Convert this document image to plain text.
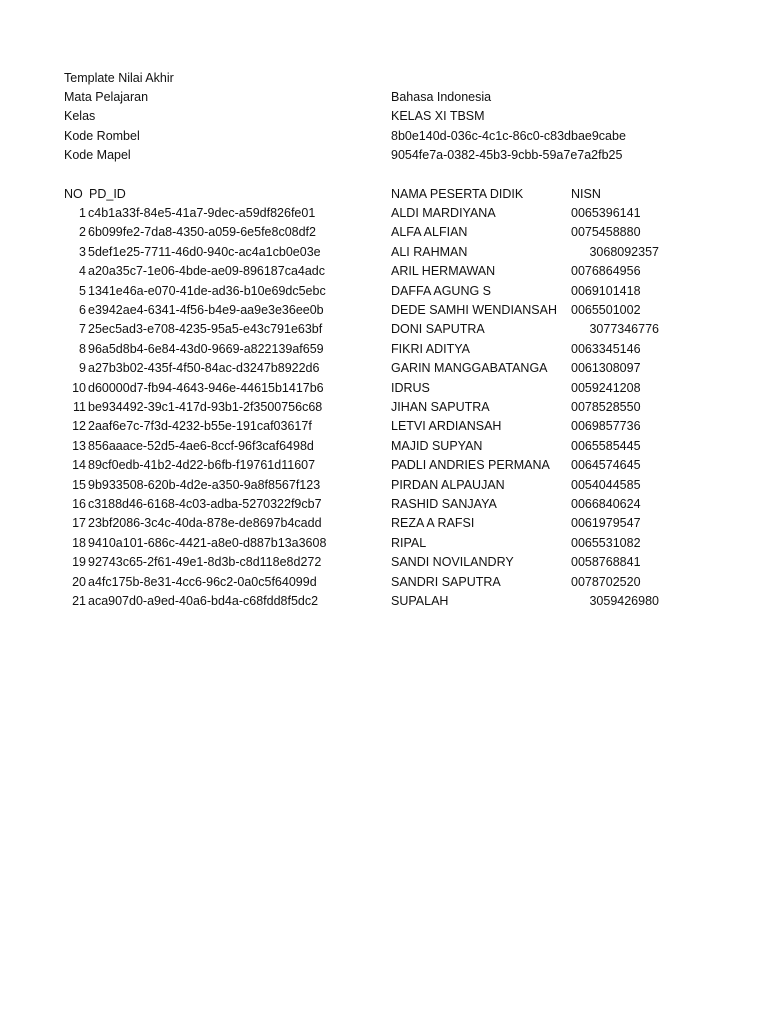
Template Nilai Akhir
Mata Pelajaran	Bahasa Indonesia
Kelas	KELAS XI TBSM
Kode Rombel	8b0e140d-036c-4c1c-86c0-c83dbae9cabe
Kode Mapel	9054fe7a-0382-45b3-9cbb-59a7e7a2fb25
NO PD_ID	NAMA PESERTA DIDIK	NISN
1 c4b1a33f-84e5-41a7-9dec-a59df826fe01	ALDI MARDIYANA	0065396141
2 6b099fe2-7da8-4350-a059-6e5fe8c08df2	ALFA ALFIAN	0075458880
3 5def1e25-7711-46d0-940c-ac4a1cb0e03e	ALI RAHMAN	3068092357
4 a20a35c7-1e06-4bde-ae09-896187ca4adc	ARIL HERMAWAN	0076864956
5 1341e46a-e070-41de-ad36-b10e69dc5ebc	DAFFA AGUNG S	0069101418
6 e3942ae4-6341-4f56-b4e9-aa9e3e36ee0b	DEDE SAMHI WENDIANSAH 0065501002
7 25ec5ad3-e708-4235-95a5-e43c791e63bf	DONI SAPUTRA	3077346776
8 96a5d8b4-6e84-43d0-9669-a822139af659	FIKRI ADITYA	0063345146
9 a27b3b02-435f-4f50-84ac-d3247b8922d6	GARIN MANGGABATANGA 0061308097
10 d60000d7-fb94-4643-946e-44615b1417b6	IDRUS	0059241208
11 be934492-39c1-417d-93b1-2f3500756c68	JIHAN SAPUTRA	0078528550
12 2aaf6e7c-7f3d-4232-b55e-191caf03617f	LETVI ARDIANSAH	0069857736
13 856aaace-52d5-4ae6-8ccf-96f3caf6498d	MAJID SUPYAN	0065585445
14 89cf0edb-41b2-4d22-b6fb-f19761d11607	PADLI ANDRIES PERMANA 0064574645
15 9b933508-620b-4d2e-a350-9a8f8567f123	PIRDAN ALPAUJAN	0054044585
16 c3188d46-6168-4c03-adba-5270322f9cb7	RASHID SANJAYA	0066840624
17 23bf2086-3c4c-40da-878e-de8697b4cadd	REZA A RAFSI	0061979547
18 9410a101-686c-4421-a8e0-d887b13a3608	RIPAL	0065531082
19 92743c65-2f61-49e1-8d3b-c8d118e8d272	SANDI NOVILANDRY	0058768841
20 a4fc175b-8e31-4cc6-96c2-0a0c5f64099d	SANDRI SAPUTRA	0078702520
21 aca907d0-a9ed-40a6-bd4a-c68fdd8f5dc2	SUPALAH	3059426980
